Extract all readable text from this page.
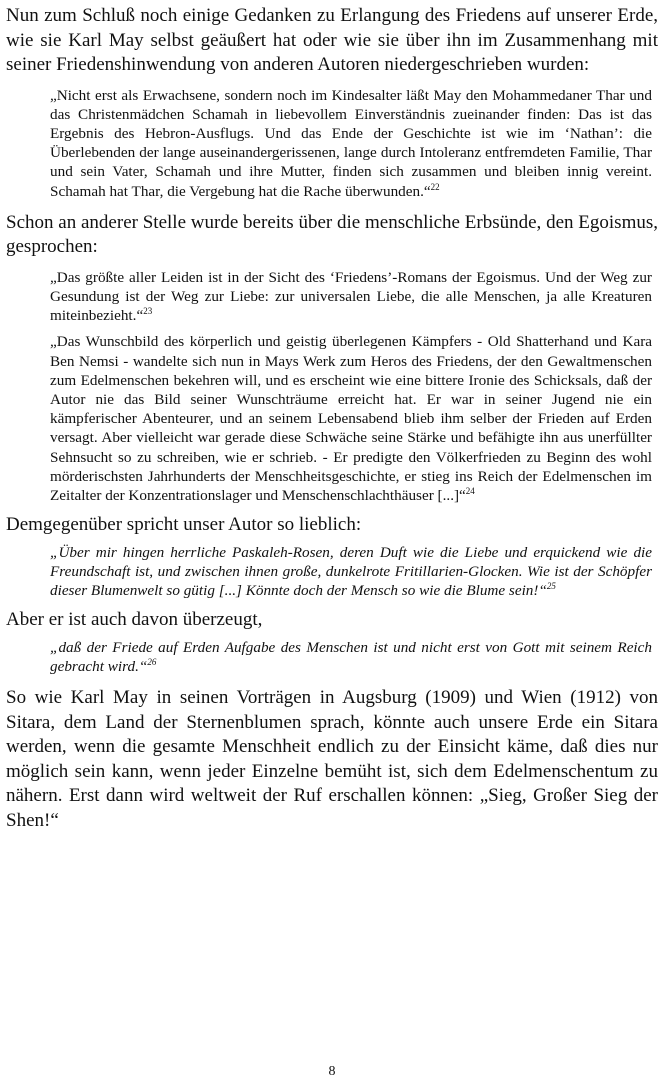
Nun zum Schluß noch einige Gedanken zu Erlangung des Friedens auf unserer Erde, wie sie Karl May selbst geäußert hat oder wie sie über ihn im Zusammenhang mit seiner Friedenshinwendung von anderen Autoren niedergeschrieben wurden:

„Nicht erst als Erwachsene, sondern noch im Kindesalter läßt May den Mohammedaner Thar und das Christenmädchen Schamah in liebevollem Einverständnis zueinander finden: Das ist das Ergebnis des Hebron-Ausflugs. Und das Ende der Geschichte ist wie im ‘Nathan’: die Überlebenden der lange auseinandergerissenen, lange durch Intoleranz entfremdeten Familie, Thar und sein Vater, Schamah und ihre Mutter, finden sich zusammen und bleiben innig vereint. Schamah hat Thar, die Vergebung hat die Rache überwunden.“$^{22}$

Schon an anderer Stelle wurde bereits über die menschliche Erbsünde, den Egoismus, gesprochen:

„Das größte aller Leiden ist in der Sicht des ‘Friedens’-Romans der Egoismus. Und der Weg zur Gesundung ist der Weg zur Liebe: zur universalen Liebe, die alle Menschen, ja alle Kreaturen miteinbezieht.“$^{23}$

„Das Wunschbild des körperlich und geistig überlegenen Kämpfers - Old Shatterhand und Kara Ben Nemsi - wandelte sich nun in Mays Werk zum Heros des Friedens, der den Gewaltmenschen zum Edelmenschen bekehren will, und es erscheint wie eine bittere Ironie des Schicksals, daß der Autor nie das Bild seiner Wunschträume erreicht hat. Er war in seiner Jugend nie ein kämpferischer Abenteurer, und an seinem Lebensabend blieb ihm selber der Frieden auf Erden versagt. Aber vielleicht war gerade diese Schwäche seine Stärke und befähigte ihn aus unerfüllter Sehnsucht so zu schreiben, wie er schrieb. - Er predigte den Völkerfrieden zu Beginn des wohl mörderischsten Jahrhunderts der Menschheitsgeschichte, er stieg ins Reich der Edelmenschen im Zeitalter der Konzentrationslager und Menschenschlachthäuser [...]“$^{24}$

Demgegenüber spricht unser Autor so lieblich:

„Über mir hingen herrliche Paskaleh-Rosen, deren Duft wie die Liebe und erquickend wie die Freundschaft ist, und zwischen ihnen große, dunkelrote Fritillarien-Glocken. Wie ist der Schöpfer dieser Blumenwelt so gütig [...] Könnte doch der Mensch so wie die Blume sein!“$^{25}$

Aber er ist auch davon überzeugt,

„daß der Friede auf Erden Aufgabe des Menschen ist und nicht erst von Gott mit seinem Reich gebracht wird.“$^{26}$

So wie Karl May in seinen Vorträgen in Augsburg (1909) und Wien (1912) von Sitara, dem Land der Sternenblumen sprach, könnte auch unsere Erde ein Sitara werden, wenn die gesamte Menschheit endlich zu der Einsicht käme, daß dies nur möglich sein kann, wenn jeder Einzelne bemüht ist, sich dem Edelmenschentum zu nähern. Erst dann wird weltweit der Ruf erschallen können: „Sieg, Großer Sieg der Shen!“

8
